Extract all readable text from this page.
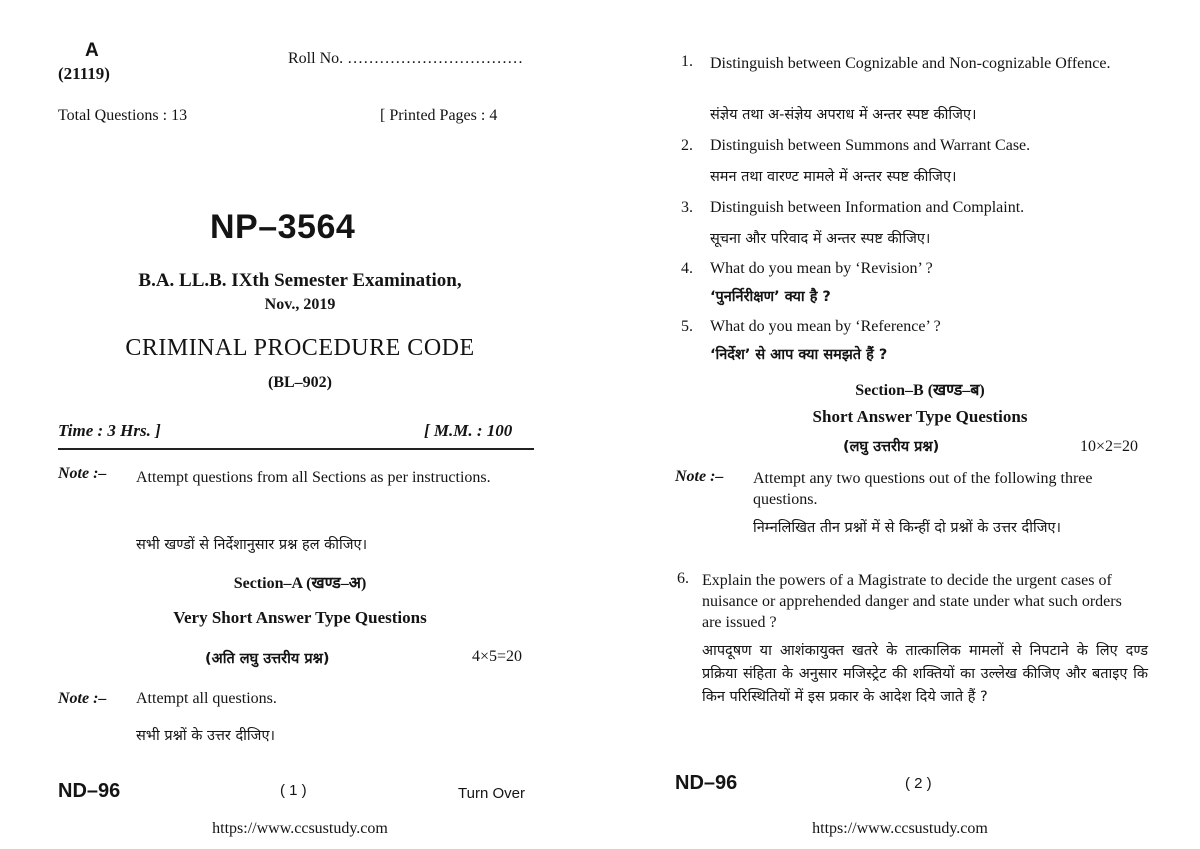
A
(21119)
Roll No. ……………………………
Total Questions : 13	[ Printed Pages : 4
NP–3564
B.A. LL.B. IXth Semester Examination,
Nov., 2019
CRIMINAL PROCEDURE CODE
(BL–902)
Time : 3 Hrs. ]	[ M.M. : 100
Note :– Attempt questions from all Sections as per instructions.
सभी खण्डों से निर्देशानुसार प्रश्न हल कीजिए।
Section–A (खण्ड–अ)
Very Short Answer Type Questions
(अति लघु उत्तरीय प्रश्न)	4×5=20
Note :– Attempt all questions.
सभी प्रश्नों के उत्तर दीजिए।
ND–96	( 1 )	Turn Over
https://www.ccsustudy.com
1. Distinguish between Cognizable and Non-cognizable Offence.
संज्ञेय तथा अ-संज्ञेय अपराध में अन्तर स्पष्ट कीजिए।
2. Distinguish between Summons and Warrant Case.
समन तथा वारण्ट मामले में अन्तर स्पष्ट कीजिए।
3. Distinguish between Information and Complaint.
सूचना और परिवाद में अन्तर स्पष्ट कीजिए।
4. What do you mean by ‘Revision’ ?
‘पुनर्निरीक्षण’ क्या है ?
5. What do you mean by ‘Reference’ ?
‘निर्देश’ से आप क्या समझते हैं ?
Section–B (खण्ड–ब)
Short Answer Type Questions
(लघु उत्तरीय प्रश्न)	10×2=20
Note :– Attempt any two questions out of the following three questions.
निम्नलिखित तीन प्रश्नों में से किन्हीं दो प्रश्नों के उत्तर दीजिए।
6. Explain the powers of a Magistrate to decide the urgent cases of nuisance or apprehended danger and state under what such orders are issued ?
आपदूषण या आशंकायुक्त खतरे के तात्कालिक मामलों से निपटाने के लिए दण्ड प्रक्रिया संहिता के अनुसार मजिस्ट्रेट की शक्तियों का उल्लेख कीजिए और बताइए कि किन परिस्थितियों में इस प्रकार के आदेश दिये जाते हैं ?
ND–96	( 2 )
https://www.ccsustudy.com
